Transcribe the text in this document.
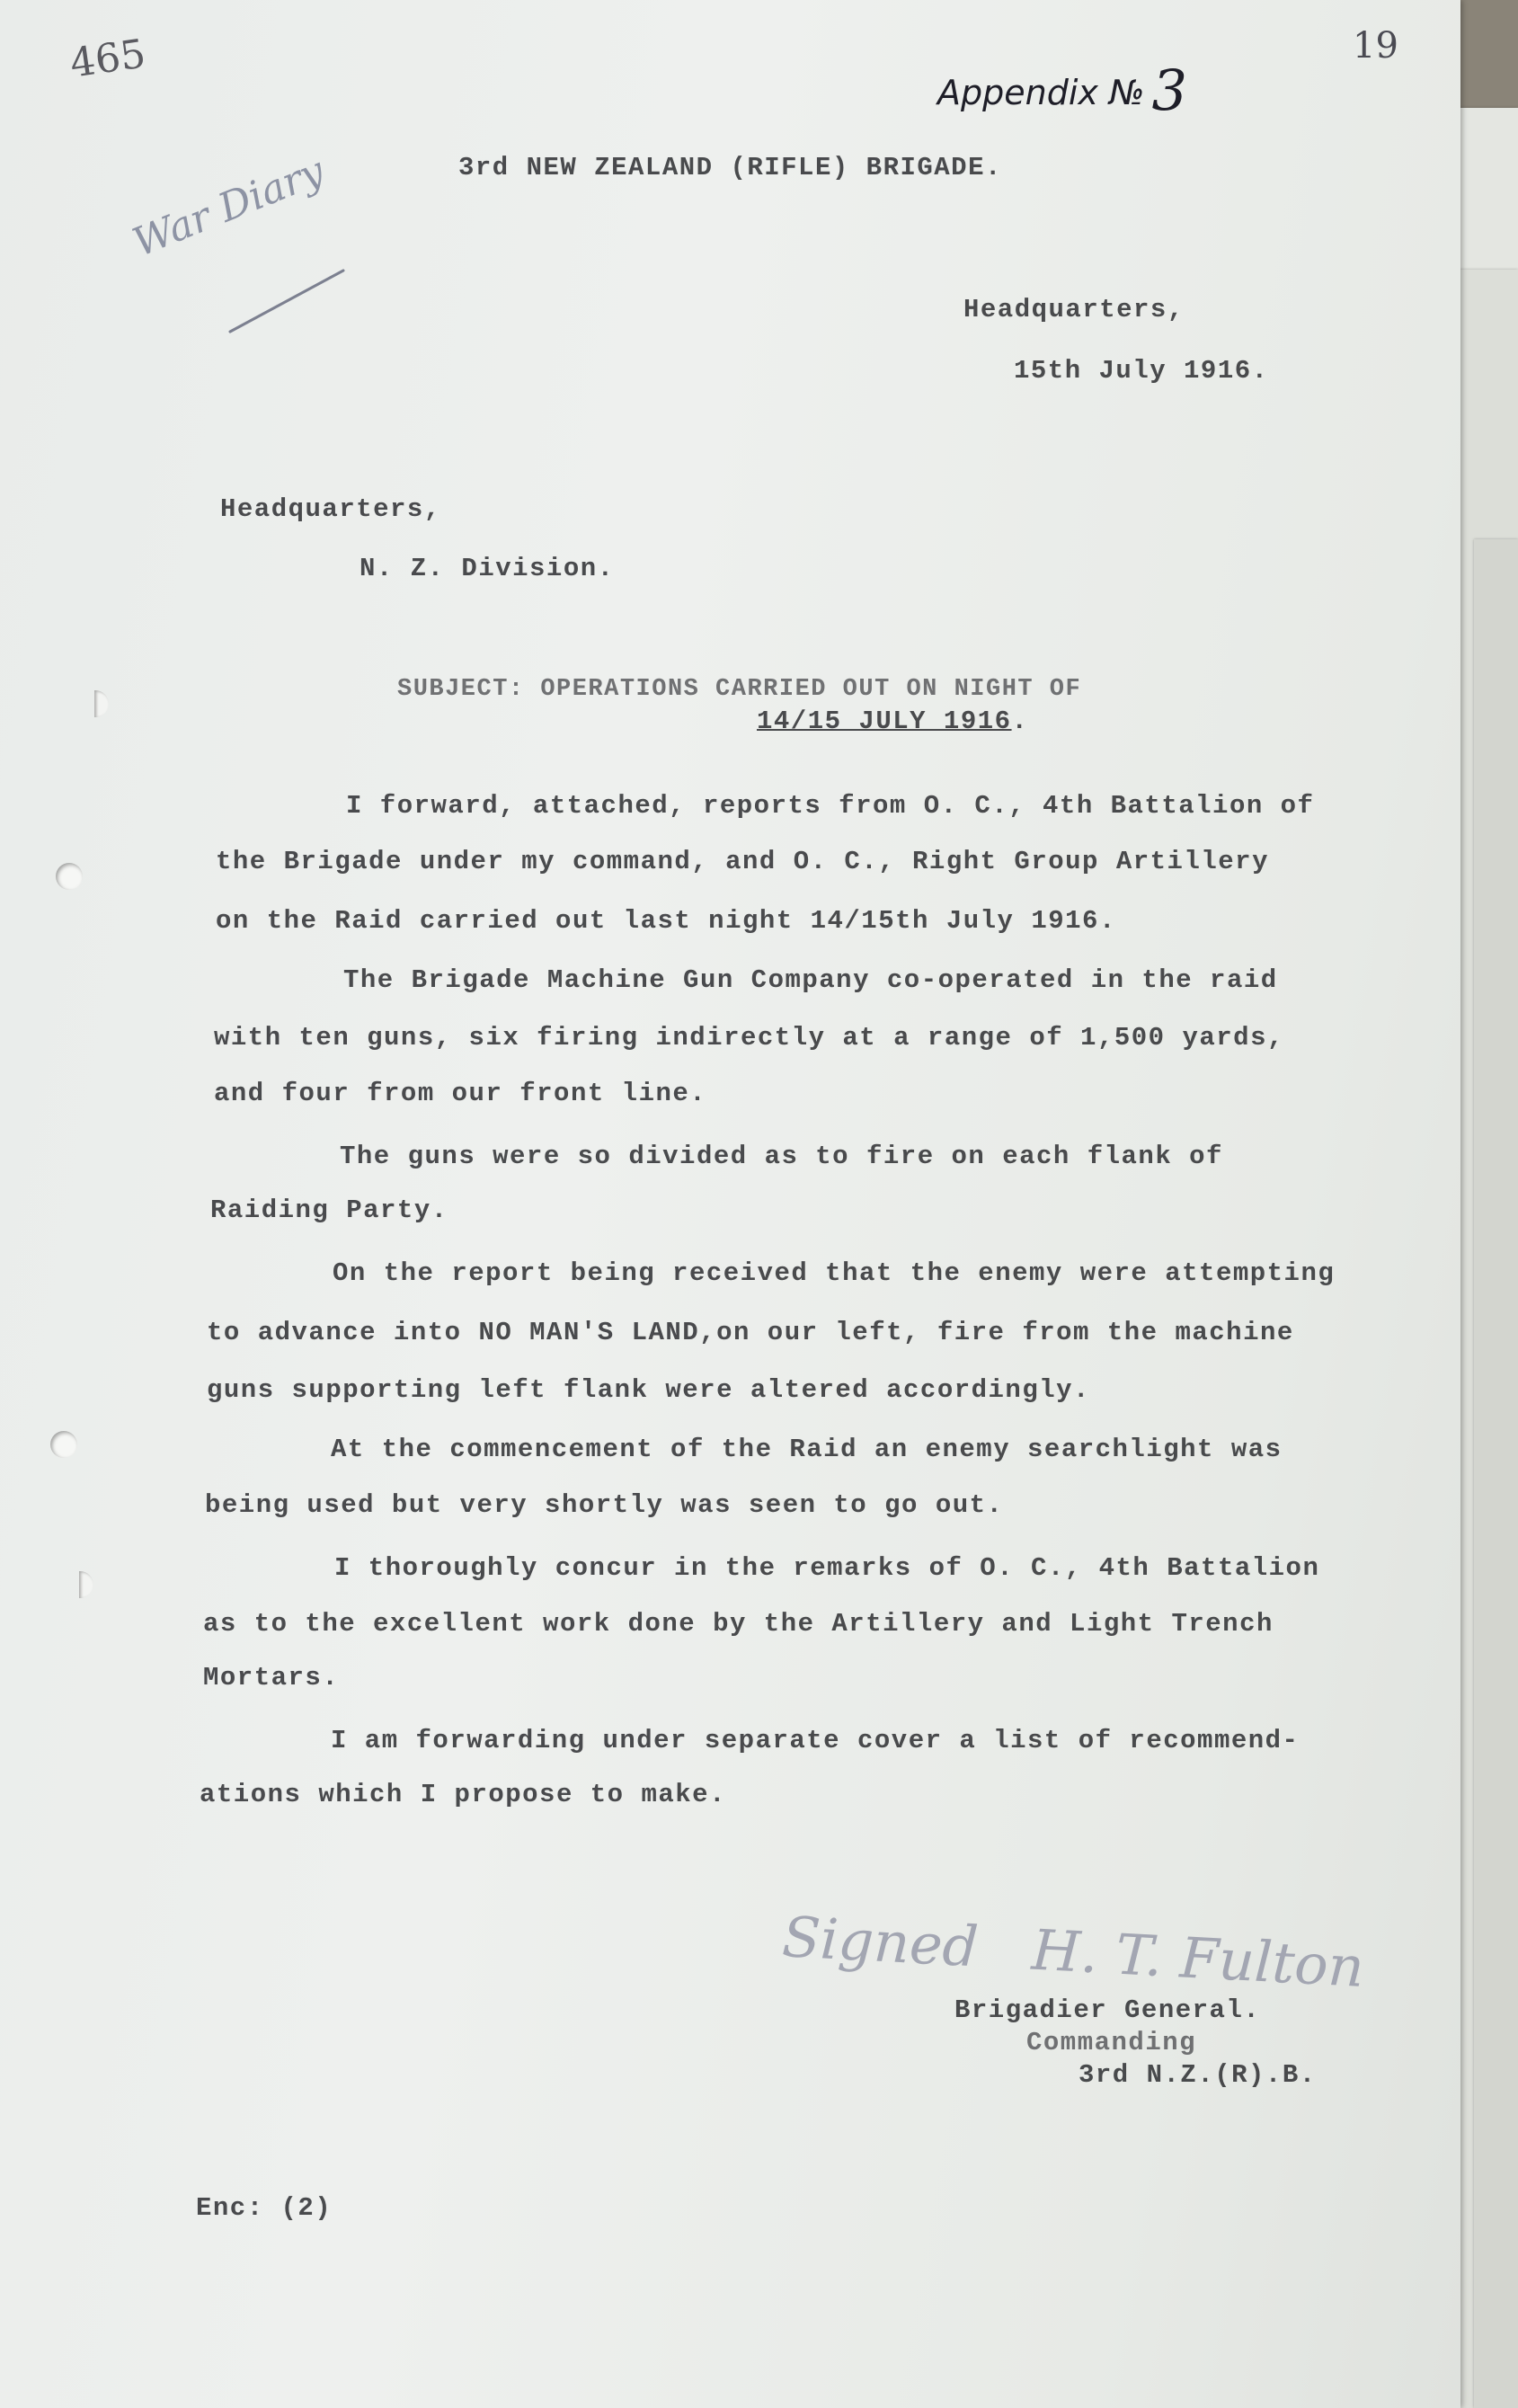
465	19
Appendix № 3
War Diary	3rd NEW ZEALAND (RIFLE) BRIGADE.
Headquarters,
15th July 1916.
Headquarters,
N. Z. Division.
SUBJECT: OPERATIONS CARRIED OUT ON NIGHT OF
14/15 JULY 1916.
I forward, attached, reports from O. C., 4th Battalion of
the Brigade under my command, and O. C., Right Group Artillery
on the Raid carried out last night 14/15th July 1916.
The Brigade Machine Gun Company co-operated in the raid
with ten guns, six firing indirectly at a range of 1,500 yards,
and four from our front line.
The guns were so divided as to fire on each flank of
Raiding Party.
On the report being received that the enemy were attempting
to advance into NO MAN'S LAND,on our left, fire from the machine
guns supporting left flank were altered accordingly.
At the commencement of the Raid an enemy searchlight was
being used but very shortly was seen to go out.
I thoroughly concur in the remarks of O. C., 4th Battalion
as to the excellent work done by the Artillery and Light Trench
Mortars.
I am forwarding under separate cover a list of recommend-
ations which I propose to make.
Signed H. T. Fulton
Brigadier General.
Commanding
3rd N.Z.(R).B.
Enc: (2)
